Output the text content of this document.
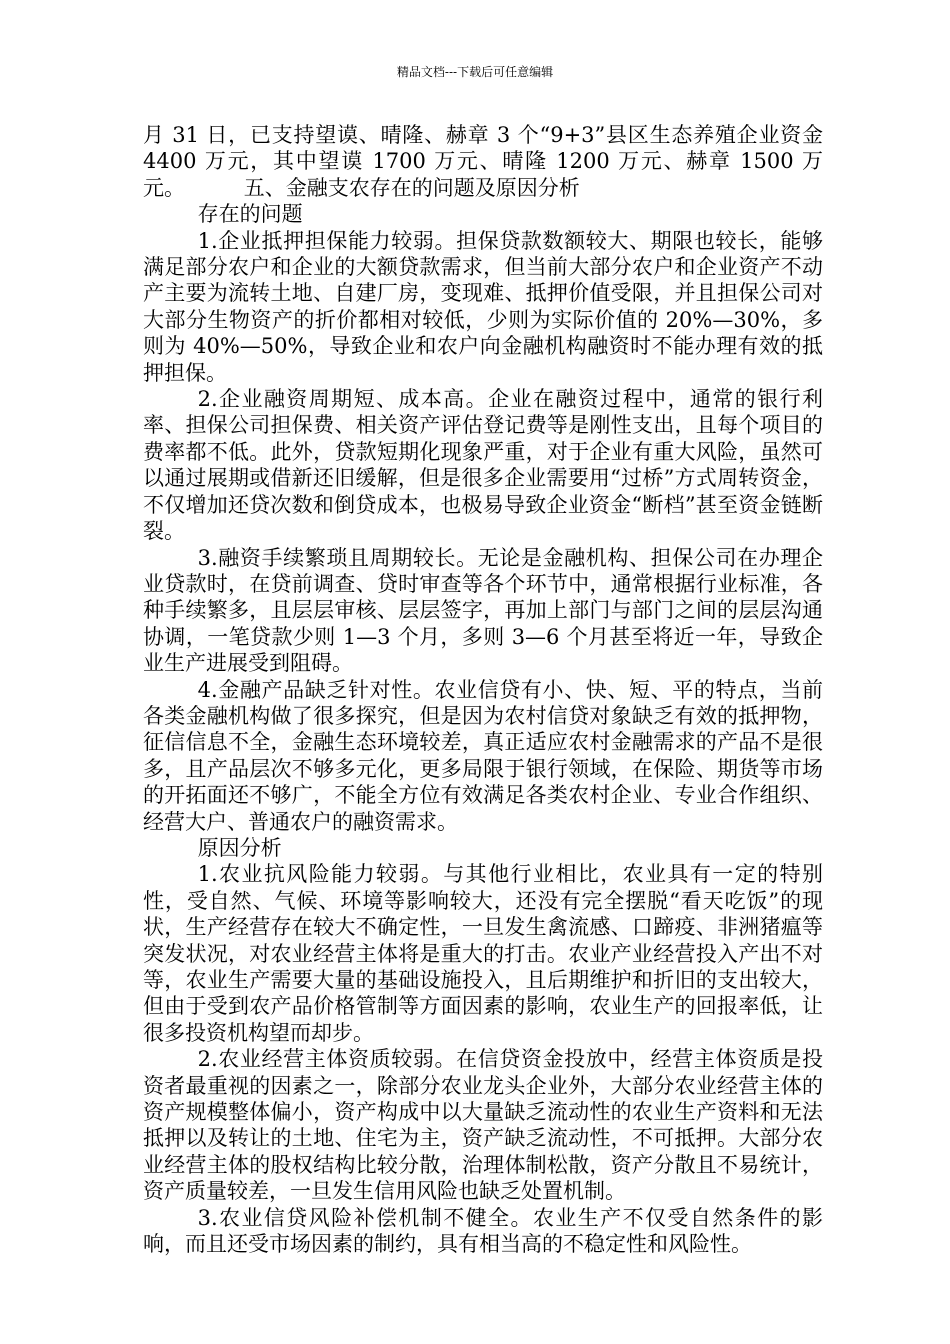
精品文档---下载后可任意编辑

月 31 日，已支持望谟、晴隆、赫章 3 个“9+3”县区生态养殖企业资金 4400 万元，其中望谟 1700 万元、晴隆 1200 万元、赫章 1500 万元。	五、金融支农存在的问题及原因分析

存在的问题

1.企业抵押担保能力较弱。担保贷款数额较大、期限也较长，能够满足部分农户和企业的大额贷款需求，但当前大部分农户和企业资产不动产主要为流转土地、自建厂房，变现难、抵押价值受限，并且担保公司对大部分生物资产的折价都相对较低，少则为实际价值的 20%—30%，多则为 40%—50%，导致企业和农户向金融机构融资时不能办理有效的抵押担保。

2.企业融资周期短、成本高。企业在融资过程中，通常的银行利率、担保公司担保费、相关资产评估登记费等是刚性支出，且每个项目的费率都不低。此外，贷款短期化现象严重，对于企业有重大风险，虽然可以通过展期或借新还旧缓解，但是很多企业需要用“过桥”方式周转资金，不仅增加还贷次数和倒贷成本，也极易导致企业资金“断档”甚至资金链断裂。

3.融资手续繁琐且周期较长。无论是金融机构、担保公司在办理企业贷款时，在贷前调查、贷时审查等各个环节中，通常根据行业标准，各种手续繁多，且层层审核、层层签字，再加上部门与部门之间的层层沟通协调，一笔贷款少则 1—3 个月，多则 3—6 个月甚至将近一年，导致企业生产进展受到阻碍。

4.金融产品缺乏针对性。农业信贷有小、快、短、平的特点，当前各类金融机构做了很多探究，但是因为农村信贷对象缺乏有效的抵押物，征信信息不全，金融生态环境较差，真正适应农村金融需求的产品不是很多，且产品层次不够多元化，更多局限于银行领域，在保险、期货等市场的开拓面还不够广，不能全方位有效满足各类农村企业、专业合作组织、经营大户、普通农户的融资需求。

原因分析

1.农业抗风险能力较弱。与其他行业相比，农业具有一定的特别性，受自然、气候、环境等影响较大，还没有完全摆脱“看天吃饭”的现状，生产经营存在较大不确定性，一旦发生禽流感、口蹄疫、非洲猪瘟等突发状况，对农业经营主体将是重大的打击。农业产业经营投入产出不对等，农业生产需要大量的基础设施投入，且后期维护和折旧的支出较大，但由于受到农产品价格管制等方面因素的影响，农业生产的回报率低，让很多投资机构望而却步。

2.农业经营主体资质较弱。在信贷资金投放中，经营主体资质是投资者最重视的因素之一，除部分农业龙头企业外，大部分农业经营主体的资产规模整体偏小，资产构成中以大量缺乏流动性的农业生产资料和无法抵押以及转让的土地、住宅为主，资产缺乏流动性，不可抵押。大部分农业经营主体的股权结构比较分散，治理体制松散，资产分散且不易统计，资产质量较差，一旦发生信用风险也缺乏处置机制。

3.农业信贷风险补偿机制不健全。农业生产不仅受自然条件的影响，而且还受市场因素的制约，具有相当高的不稳定性和风险性。
